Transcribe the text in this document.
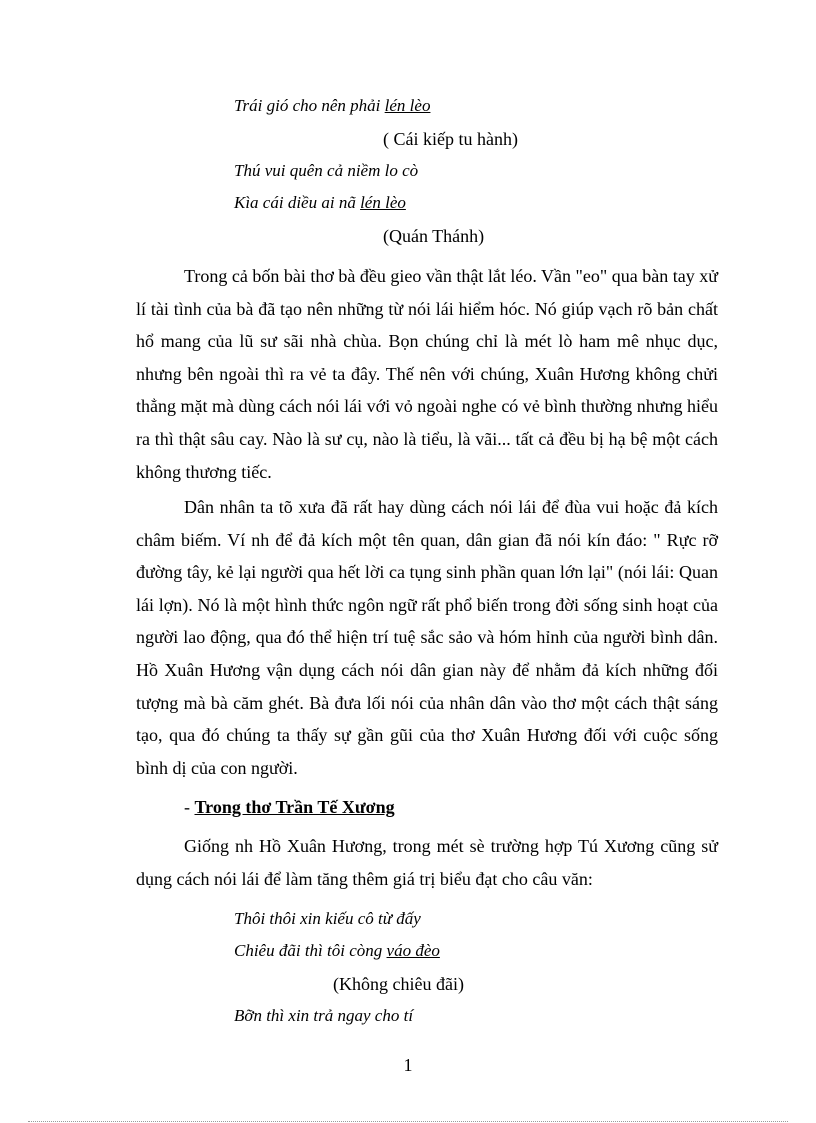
Trái gió cho nên phải lén lèo
( Cái kiếp tu hành)
Thú vui quên cả niềm lo cò
Kìa cái diều ai nã lén lèo
(Quán Thánh)

Trong cả bốn bài thơ bà đều gieo vần thật lắt léo. Vần "eo" qua bàn tay xử lí tài tình của bà đã tạo nên những từ nói lái hiểm hóc. Nó giúp vạch rõ bản chất hổ mang của lũ sư sãi nhà chùa. Bọn chúng chỉ là mét lò ham mê nhục dục, nhưng bên ngoài thì ra vẻ ta đây. Thế nên với chúng, Xuân Hương không chửi thẳng mặt mà dùng cách nói lái với vỏ ngoài nghe có vẻ bình thường nhưng hiểu ra thì thật sâu cay. Nào là sư cụ, nào là tiểu, là vãi... tất cả đều bị hạ bệ một cách không thương tiếc.

Dân nhân ta tõ xưa đã rất hay dùng cách nói lái để đùa vui hoặc đả kích châm biếm. Ví nh để đả kích một tên quan, dân gian đã nói kín đáo: " Rực rỡ đường tây, kẻ lại người qua hết lời ca tụng sinh phần quan lớn lại" (nói lái: Quan lái lợn). Nó là một hình thức ngôn ngữ rất phổ biến trong đời sống sinh hoạt của người lao động, qua đó thể hiện trí tuệ sắc sảo và hóm hỉnh của người bình dân. Hồ Xuân Hương vận dụng cách nói dân gian này để nhằm đả kích những đối tượng mà bà căm ghét. Bà đưa lối nói của nhân dân vào thơ một cách thật sáng tạo, qua đó chúng ta thấy sự gần gũi của thơ Xuân Hương đối với cuộc sống bình dị của con người.

- Trong thơ Trần Tế Xương

Giống nh Hồ Xuân Hương, trong mét sè trường hợp Tú Xương cũng sử dụng cách nói lái để làm tăng thêm giá trị biểu đạt cho câu văn:

Thôi thôi xin kiếu cô từ đấy
Chiêu đãi thì tôi còng váo đèo
(Không chiêu đãi)
Bỡn thì xin trả ngay cho tí
1
